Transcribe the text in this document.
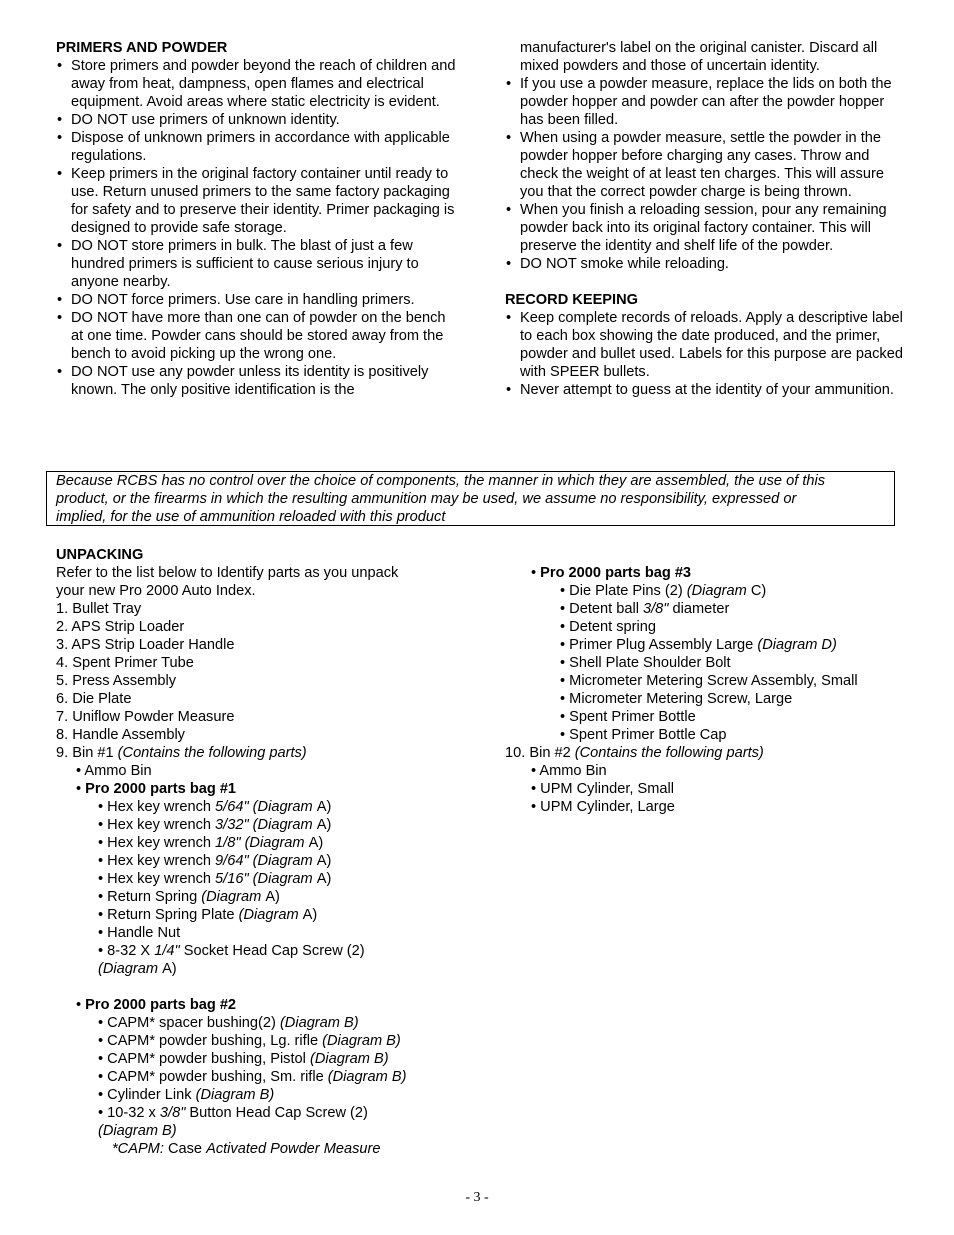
PRIMERS AND POWDER
• Store primers and powder beyond the reach of children and away from heat, dampness, open flames and electrical equipment. Avoid areas where static electricity is evident.
• DO NOT use primers of unknown identity.
• Dispose of unknown primers in accordance with applicable regulations.
• Keep primers in the original factory container until ready to use. Return unused primers to the same factory packaging for safety and to preserve their identity. Primer packaging is designed to provide safe storage.
• DO NOT store primers in bulk. The blast of just a few hundred primers is sufficient to cause serious injury to anyone nearby.
• DO NOT force primers. Use care in handling primers.
• DO NOT have more than one can of powder on the bench at one time. Powder cans should be stored away from the bench to avoid picking up the wrong one.
• DO NOT use any powder unless its identity is positively known. The only positive identification is the

manufacturer's label on the original canister. Discard all mixed powders and those of uncertain identity.

• If you use a powder measure, replace the lids on both the powder hopper and powder can after the powder hopper has been filled.
• When using a powder measure, settle the powder in the powder hopper before charging any cases. Throw and check the weight of at least ten charges. This will assure you that the correct powder charge is being thrown.
• When you finish a reloading session, pour any remaining powder back into its original factory container. This will preserve the identity and shelf life of the powder.
• DO NOT smoke while reloading.
RECORD KEEPING
• Keep complete records of reloads. Apply a descriptive label to each box showing the date produced, and the primer, powder and bullet used. Labels for this purpose are packed with SPEER bullets.
• Never attempt to guess at the identity of your ammunition.
Because RCBS has no control over the choice of components, the manner in which they are assembled, the use of this
product, or the firearms in which the resulting ammunition may be used, we assume no responsibility, expressed or
implied, for the use of ammunition reloaded with this product
UNPACKING
Refer to the list below to Identify parts as you unpack
your new Pro 2000 Auto Index.
1. Bullet Tray
2. APS Strip Loader
3. APS Strip Loader Handle
4. Spent Primer Tube
5. Press Assembly
6. Die Plate
7. Uniflow Powder Measure
8. Handle Assembly
9. Bin #1 (Contains the following parts)
• Ammo Bin
• Pro 2000 parts bag #1
• Hex key wrench 5/64" (Diagram A)
• Hex key wrench 3/32" (Diagram A)
• Hex key wrench 1/8" (Diagram A)
• Hex key wrench 9/64" (Diagram A)
• Hex key wrench 5/16" (Diagram A)
• Return Spring (Diagram A)
• Return Spring Plate (Diagram A)
• Handle Nut
• 8-32 X 1/4" Socket Head Cap Screw (2)
(Diagram A)
• Pro 2000 parts bag #2
• CAPM* spacer bushing(2) (Diagram B)
• CAPM* powder bushing, Lg. rifle (Diagram B)
• CAPM* powder bushing, Pistol (Diagram B)
• CAPM* powder bushing, Sm. rifle (Diagram B)
• Cylinder Link (Diagram B)
• 10-32 x 3/8" Button Head Cap Screw (2)
(Diagram B)
*CAPM: Case Activated Powder Measure
• Pro 2000 parts bag #3
• Die Plate Pins (2) (Diagram C)
• Detent ball 3/8" diameter
• Detent spring
• Primer Plug Assembly Large (Diagram D)
• Shell Plate Shoulder Bolt
• Micrometer Metering Screw Assembly, Small
• Micrometer Metering Screw, Large
• Spent Primer Bottle
• Spent Primer Bottle Cap
10. Bin #2 (Contains the following parts)
• Ammo Bin
• UPM Cylinder, Small
• UPM Cylinder, Large
- 3 -
